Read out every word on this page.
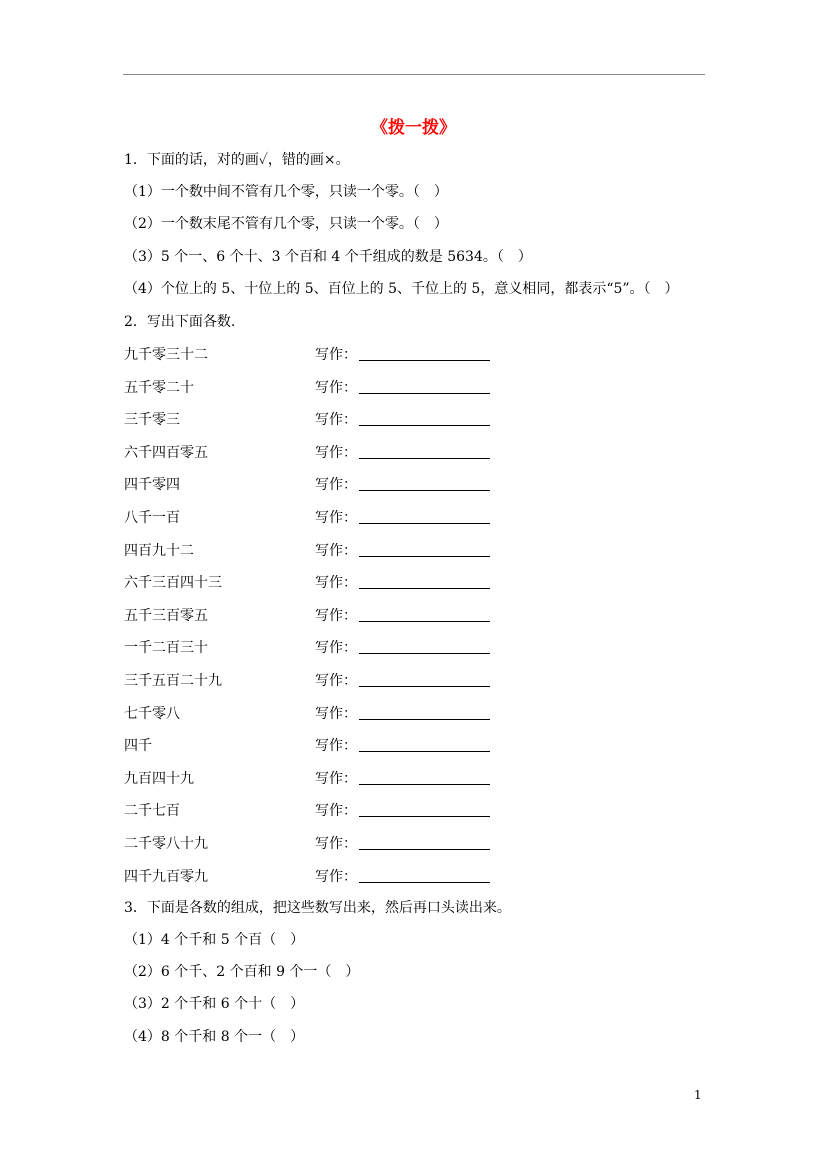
《拨一拨》
1．下面的话，对的画✓，错的画×。
（1）一个数中间不管有几个零，只读一个零。（　）
（2）一个数末尾不管有几个零，只读一个零。（　）
（3）5 个一、6 个十、3 个百和 4 个千组成的数是 5634。（　）
（4）个位上的 5、十位上的 5、百位上的 5、千位上的 5，意义相同，都表示“5”。（　）
2．写出下面各数.
九千零三十二	写作：
五千零二十	写作：
三千零三	写作：
六千四百零五	写作：
四千零四	写作：
八千一百	写作：
四百九十二	写作：
六千三百四十三	写作：
五千三百零五	写作：
一千二百三十	写作：
三千五百二十九	写作：
七千零八	写作：
四千	写作：
九百四十九	写作：
二千七百	写作：
二千零八十九	写作：
四千九百零九	写作：
3．下面是各数的组成，把这些数写出来，然后再口头读出来。
（1）4 个千和 5 个百（　）
（2）6 个千、2 个百和 9 个一（　）
（3）2 个千和 6 个十（　）
（4）8 个千和 8 个一（　）
1
